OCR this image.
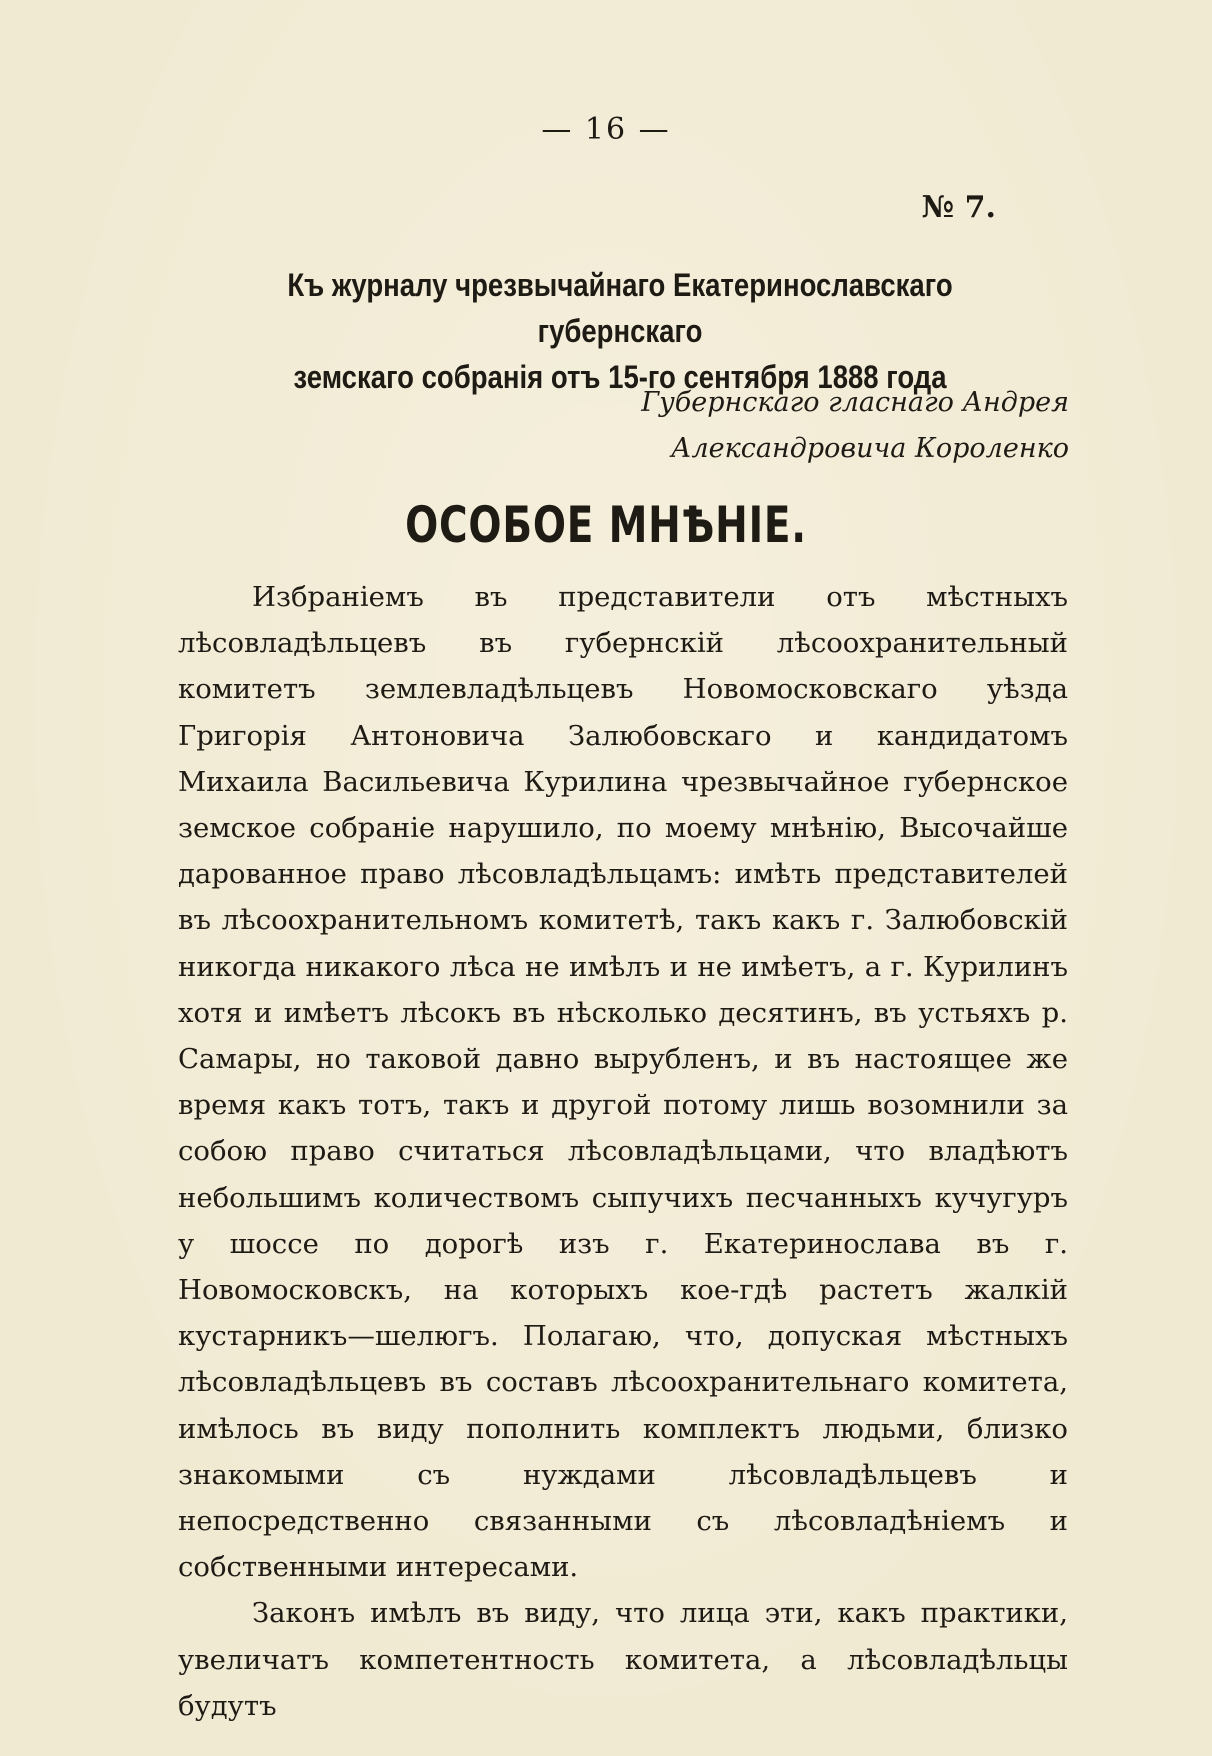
— 16 —
№ 7.
Къ журналу чрезвычайнаго Екатеринославскаго губернскаго
земскаго собранія отъ 15-го сентября 1888 года
Губернскаго гласнаго Андрея
Александровича Короленко
ОСОБОЕ МНѢНІЕ.

Избраніемъ въ представители отъ мѣстныхъ лѣсовладѣльцевъ въ губернскій лѣсоохранительный комитетъ землевладѣльцевъ Новомосковскаго уѣзда Григорія Антоновича Залюбовскаго и кандидатомъ Михаила Васильевича Курилина чрезвычайное губернское земское собраніе нарушило, по моему мнѣнію, Высочайше дарованное право лѣсовладѣльцамъ: имѣть представителей въ лѣсоохранительномъ комитетѣ, такъ какъ г. Залюбовскій никогда никакого лѣса не имѣлъ и не имѣетъ, а г. Курилинъ хотя и имѣетъ лѣсокъ въ нѣсколько десятинъ, въ устьяхъ р. Самары, но таковой давно вырубленъ, и въ настоящее же время какъ тотъ, такъ и другой потому лишь возомнили за собою право считаться лѣсовладѣльцами, что владѣютъ небольшимъ количествомъ сыпучихъ песчанныхъ кучугуръ у шоссе по дорогѣ изъ г. Екатеринослава въ г. Новомосковскъ, на которыхъ кое-гдѣ растетъ жалкій кустарникъ—шелюгъ. Полагаю, что, допуская мѣстныхъ лѣсовладѣльцевъ въ составъ лѣсоохранительнаго комитета, имѣлось въ виду пополнить комплектъ людьми, близко знакомыми съ нуждами лѣсовладѣльцевъ и непосредственно связанными съ лѣсовладѣніемъ и собственными интересами.

Законъ имѣлъ въ виду, что лица эти, какъ практики, увеличатъ компетентность комитета, а лѣсовладѣльцы будутъ
